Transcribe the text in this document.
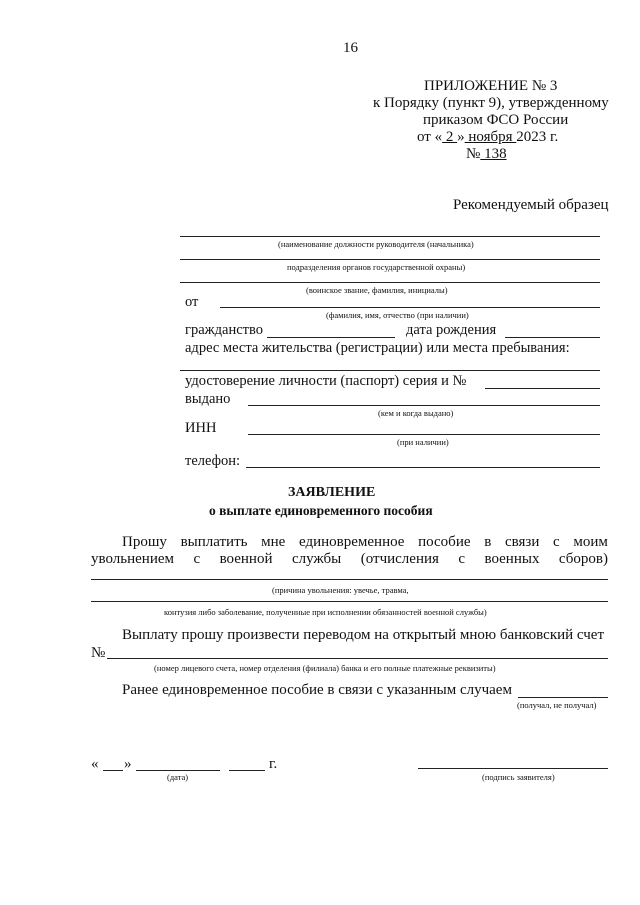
16
ПРИЛОЖЕНИЕ № 3
к Порядку (пункт 9), утвержденному
приказом ФСО России
от « 2 » ноября 2023 г.
№ 138
Рекомендуемый образец
(наименование должности руководителя (начальника)
подразделения органов государственной охраны)
(воинское звание, фамилия, инициалы)
от
(фамилия, имя, отчество (при наличии)
гражданство	дата рождения
адрес места жительства (регистрации) или места пребывания:
удостоверение личности (паспорт) серия и №
выдано
(кем и когда выдано)
ИНН
(при наличии)
телефон:
ЗАЯВЛЕНИЕ
о выплате единовременного пособия
Прошу выплатить мне единовременное пособие в связи с моим
увольнением с военной службы (отчисления с военных сборов)
(причина увольнения: увечье, травма,
контузия либо заболевание, полученные при исполнении обязанностей военной службы)
Выплату прошу произвести переводом на открытый мною банковский счет
№
(номер лицевого счета, номер отделения (филиала) банка и его полные платежные реквизиты)
Ранее единовременное пособие в связи с указанным случаем
(получал, не получал)
« »	г.
(дата)	(подпись заявителя)
